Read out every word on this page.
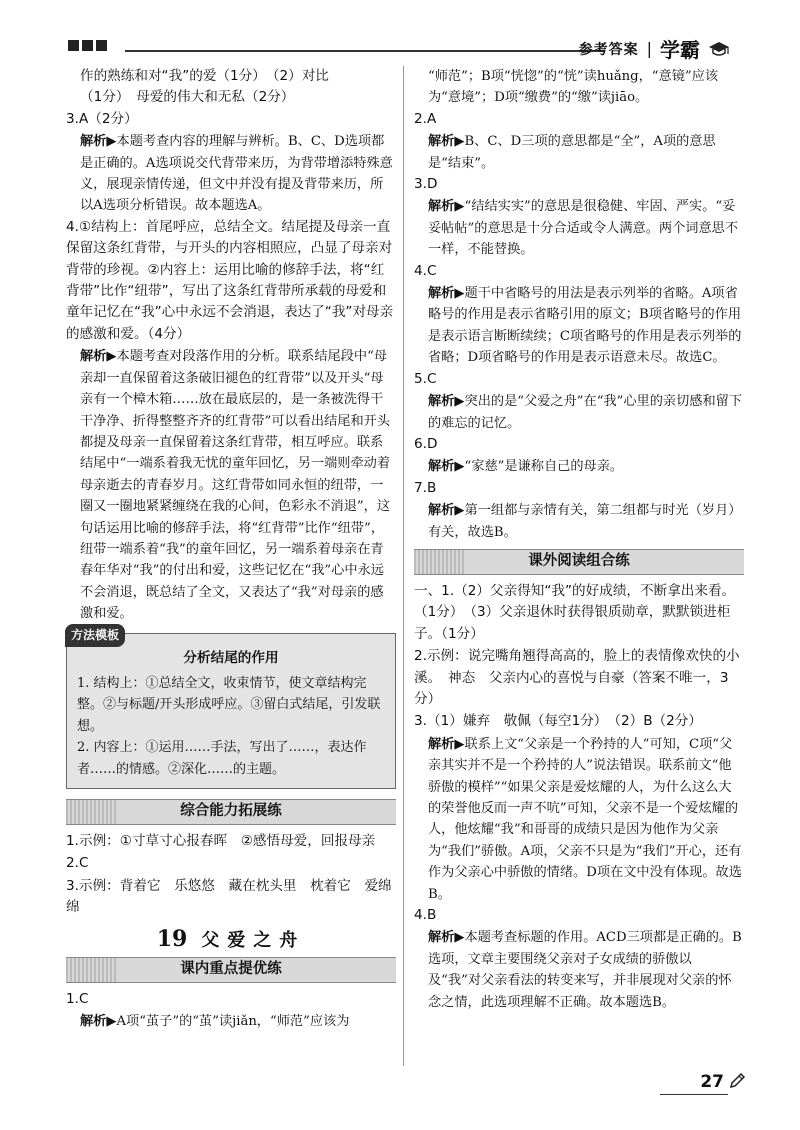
参考答案 | 学霸
作的熟练和对“我”的爱（1分）　（2）对比
（1分）　母爱的伟大和无私（2分）
3.A（2分）
解析▶本题考查内容的理解与辨析。B、C、D选项都是正确的。A选项说交代背带来历，为背带增添特殊意义，展现亲情传递，但文中并没有提及背带来历，所以A选项分析错误。故本题选A。
4.①结构上：首尾呼应，总结全文。结尾提及母亲一直保留这条红背带，与开头的内容相照应，凸显了母亲对背带的珍视。②内容上：运用比喻的修辞手法，将“红背带”比作“纽带”，写出了这条红背带所承载的母爱和童年记忆在“我”心中永远不会消退，表达了“我”对母亲的感激和爱。（4分）
解析▶本题考查对段落作用的分析。联系结尾段中“母亲却一直保留着这条破旧褪色的红背带”以及开头“母亲有一个樟木箱……放在最底层的，是一条被洗得干干净净、折得整整齐齐的红背带”可以看出结尾和开头都提及母亲一直保留着这条红背带，相互呼应。联系结尾中“一端系着我无忧的童年回忆，另一端则牵动着母亲逝去的青春岁月。这红背带如同永恒的纽带，一圈又一圈地紧紧缠绕在我的心间，色彩永不消退”，这句话运用比喻的修辞手法，将“红背带”比作“纽带”，纽带一端系着“我”的童年回忆，另一端系着母亲在青春年华对“我”的付出和爱，这些记忆在“我”心中永远不会消退，既总结了全文，又表达了“我”对母亲的感激和爱。
方法模板
分析结尾的作用
1. 结构上：①总结全文，收束情节，使文章结构完整。②与标题/开头形成呼应。③留白式结尾，引发联想。
2. 内容上：①运用……手法，写出了……，表达作者……的情感。②深化……的主题。
综合能力拓展练
1.示例：①寸草寸心报春晖　②感悟母爱，回报母亲
2.C
3.示例：背着它　乐悠悠　藏在枕头里　枕着它　爱绵绵
19 父爱之舟
课内重点提优练
1.C
解析▶A项“茧子”的“茧”读jiǎn，“师范”应该为
“师范”；B项“恍惚”的“恍”读huǎng，“意镜”应该为“意境”；D项“缴费”的“缴”读jiāo。
2.A
解析▶B、C、D三项的意思都是“全”，A项的意思是“结束”。
3.D
解析▶“结结实实”的意思是很稳健、牢固、严实。“妥妥帖帖”的意思是十分合适或令人满意。两个词意思不一样，不能替换。
4.C
解析▶题干中省略号的用法是表示列举的省略。A项省略号的作用是表示省略引用的原文；B项省略号的作用是表示语言断断续续；C项省略号的作用是表示列举的省略；D项省略号的作用是表示语意未尽。故选C。
5.C
解析▶突出的是“父爱之舟”在“我”心里的亲切感和留下的难忘的记忆。
6.D
解析▶“家慈”是谦称自己的母亲。
7.B
解析▶第一组都与亲情有关，第二组都与时光（岁月）有关，故选B。
课外阅读组合练
一、1.（2）父亲得知“我”的好成绩，不断拿出来看。（1分）　（3）父亲退休时获得银质勋章，默默锁进柜子。（1分）
2.示例：说完嘴角翘得高高的，脸上的表情像欢快的小溪。　神态　父亲内心的喜悦与自豪（答案不唯一，3分）
3.（1）嫌弃　敬佩（每空1分）　（2）B（2分）
解析▶联系上文“父亲是一个矜持的人”可知，C项“父亲其实并不是一个矜持的人”说法错误。联系前文“他骄傲的模样”“如果父亲是爱炫耀的人，为什么这么大的荣誉他反而一声不吭”可知，父亲不是一个爱炫耀的人，他炫耀“我”和哥哥的成绩只是因为他作为父亲为“我们”骄傲。A项，父亲不只是为“我们”开心，还有作为父亲心中骄傲的情绪。D项在文中没有体现。故选B。
4.B
解析▶本题考查标题的作用。ACD三项都是正确的。B选项，文章主要围绕父亲对子女成绩的骄傲以及“我”对父亲看法的转变来写，并非展现对父亲的怀念之情，此选项理解不正确。故本题选B。
27
